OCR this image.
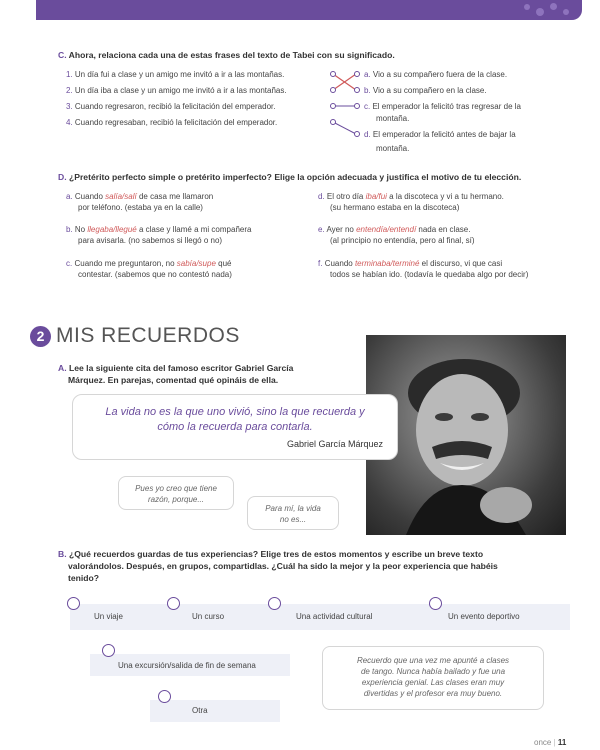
C. Ahora, relaciona cada una de estas frases del texto de Tabei con su significado.
1. Un día fui a clase y un amigo me invitó a ir a las montañas.
2. Un día iba a clase y un amigo me invitó a ir a las montañas.
3. Cuando regresaron, recibió la felicitación del emperador.
4. Cuando regresaban, recibió la felicitación del emperador.
a. Vio a su compañero fuera de la clase.
b. Vio a su compañero en la clase.
c. El emperador la felicitó tras regresar de la
montaña.
d. El emperador la felicitó antes de bajar la
montaña.
D. ¿Pretérito perfecto simple o pretérito imperfecto? Elige la opción adecuada y justifica el motivo de tu elección.
a. Cuando salía/salí de casa me llamaron
por teléfono. (estaba ya en la calle)
b. No llegaba/llegué a clase y llamé a mi compañera
para avisarla. (no sabemos si llegó o no)
c. Cuando me preguntaron, no sabía/supe qué
contestar. (sabemos que no contestó nada)
d. El otro día iba/fui a la discoteca y vi a tu hermano.
(su hermano estaba en la discoteca)
e. Ayer no entendía/entendí nada en clase.
(al principio no entendía, pero al final, sí)
f. Cuando terminaba/terminé el discurso, vi que casi
todos se habían ido. (todavía le quedaba algo por decir)
2 MIS RECUERDOS
A. Lee la siguiente cita del famoso escritor Gabriel García
Márquez. En parejas, comentad qué opináis de ella.
La vida no es la que uno vivió, sino la que recuerda y
cómo la recuerda para contarla.
Gabriel García Márquez
Pues yo creo que tiene
razón, porque...
Para mí, la vida
no es...
B. ¿Qué recuerdos guardas de tus experiencias? Elige tres de estos momentos y escribe un breve texto
valorándolos. Después, en grupos, compartidlas. ¿Cuál ha sido la mejor y la peor experiencia que habéis
tenido?
Un viaje	Un curso	Una actividad cultural	Un evento deportivo
Una excursión/salida de fin de semana
Otra
Recuerdo que una vez me apunté a clases
de tango. Nunca había bailado y fue una
experiencia genial. Las clases eran muy
divertidas y el profesor era muy bueno.
once | 11
